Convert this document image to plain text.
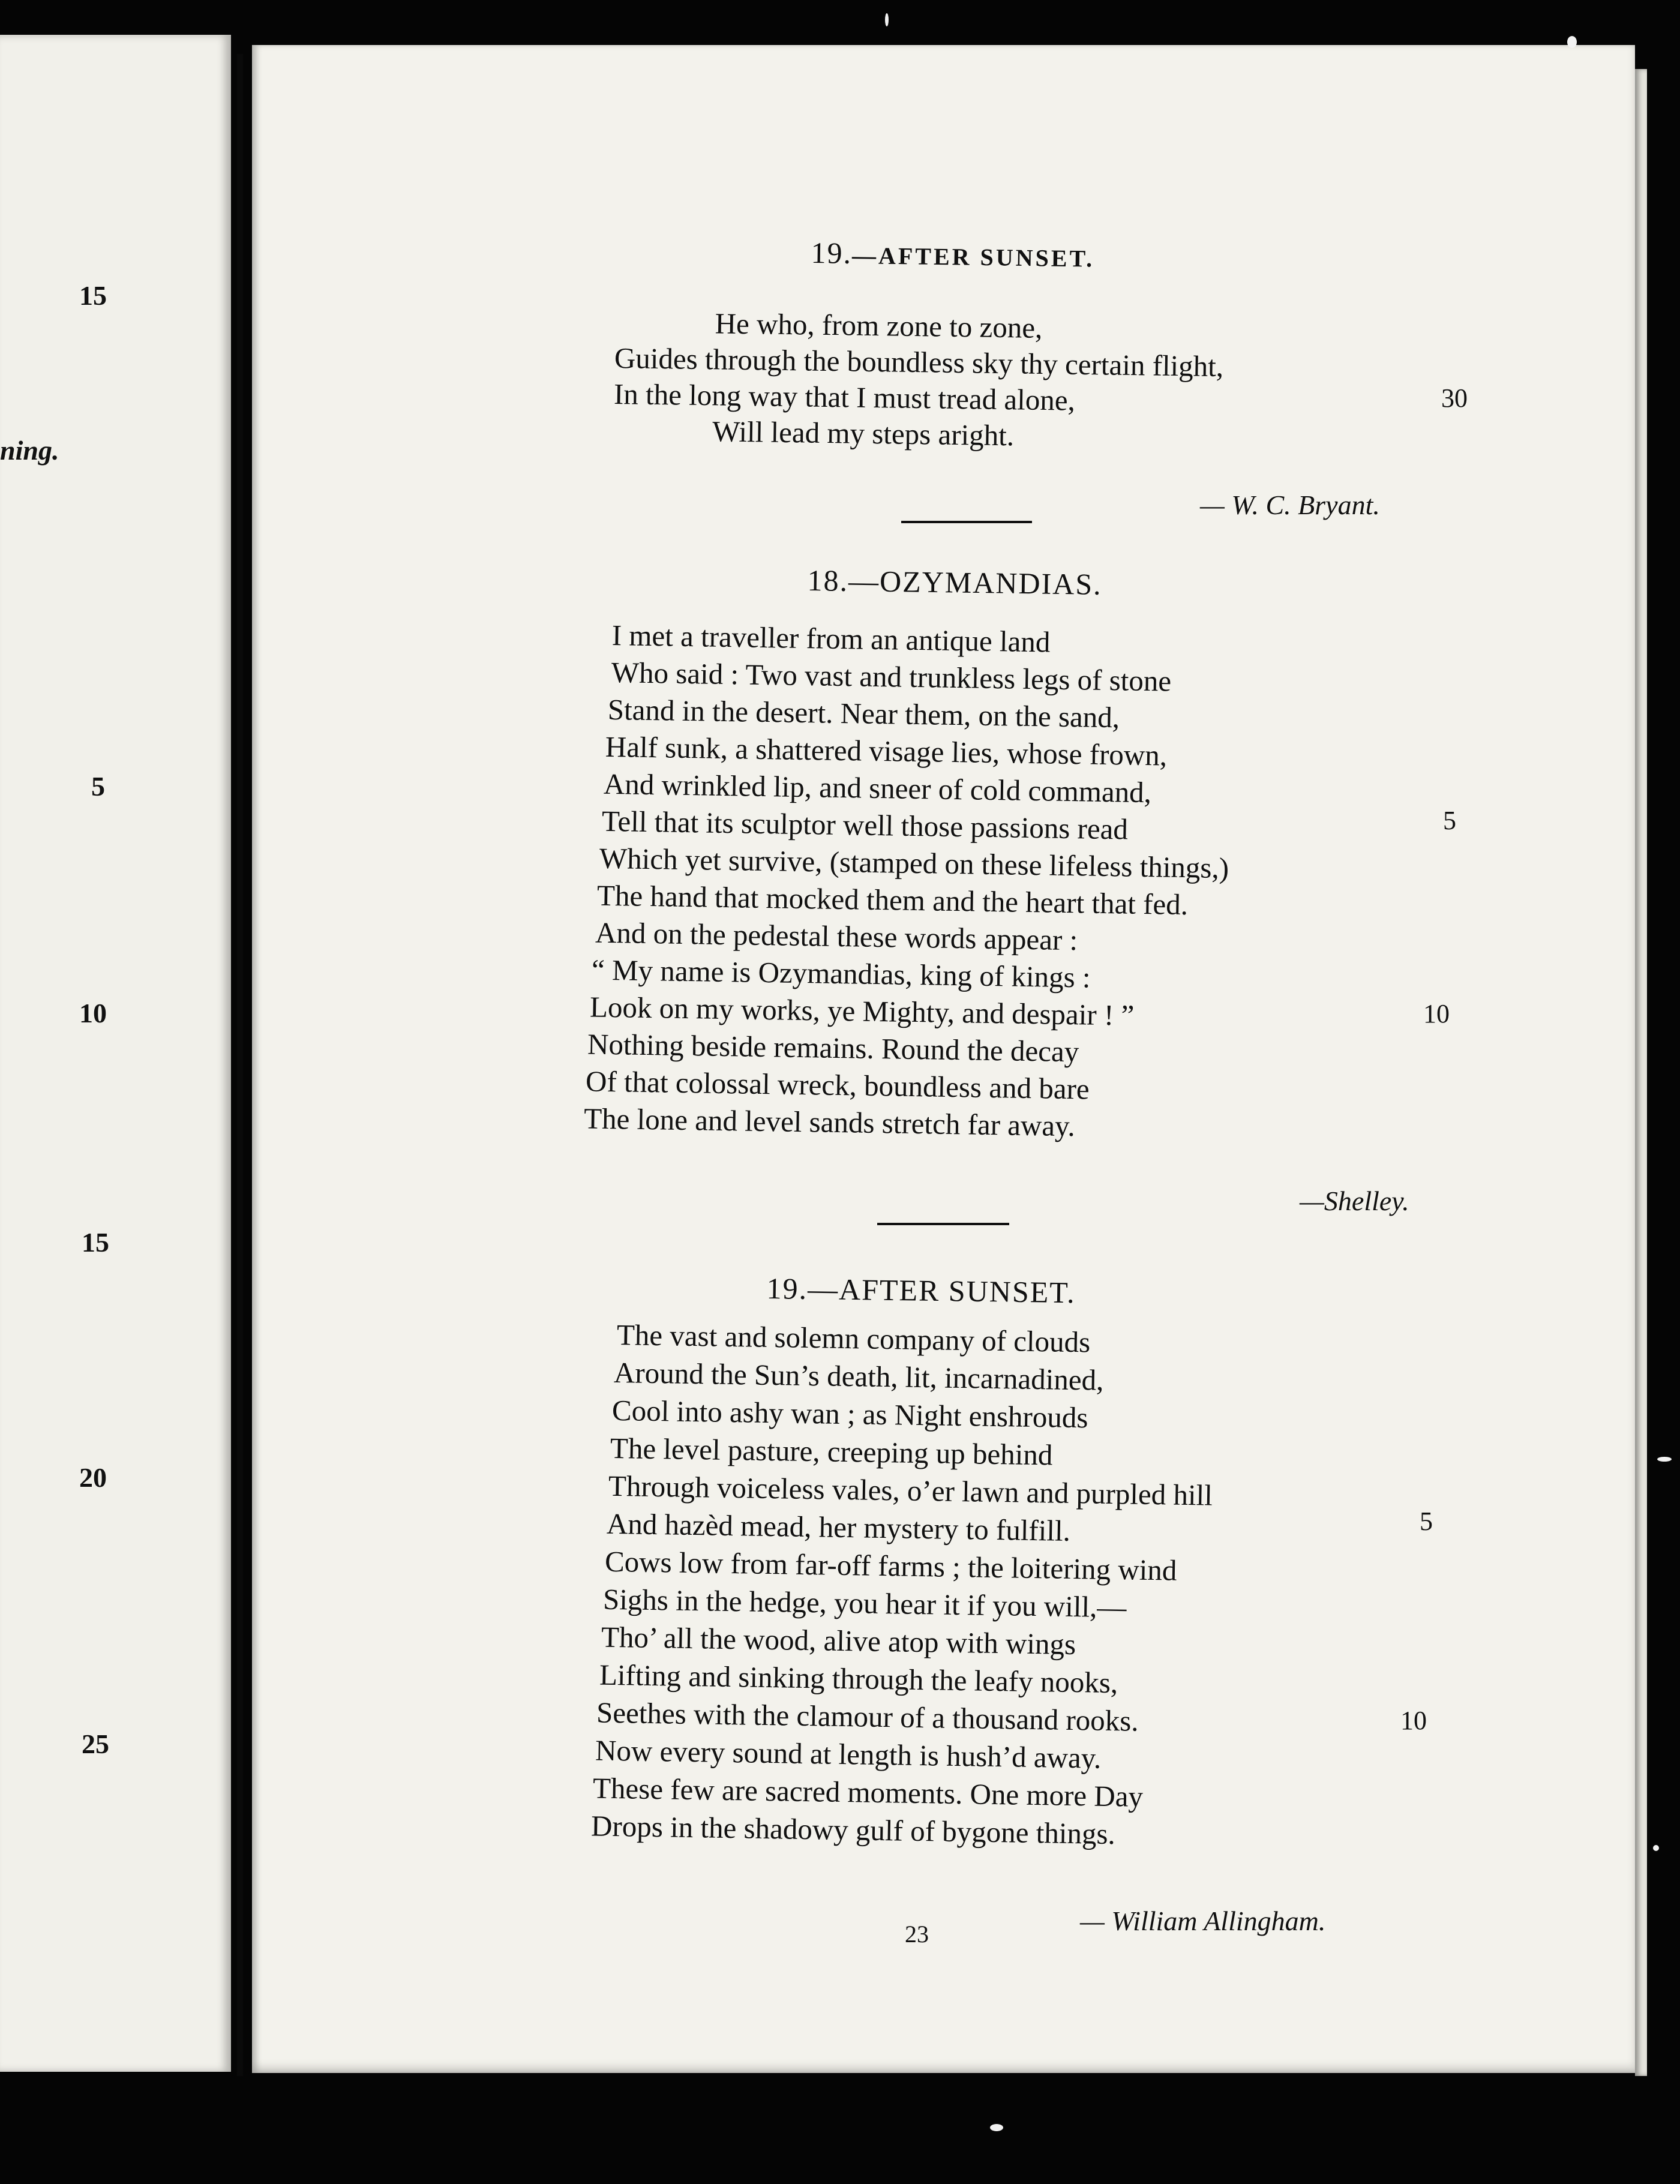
15
ning.
5
10
15
20
25
19.—AFTER SUNSET.
He who, from zone to zone,
Guides through the boundless sky thy certain flight,
In the long way that I must tread alone,
Will lead my steps aright.
30
— W. C. Bryant.
18.—OZYMANDIAS.
I met a traveller from an antique land
Who said : Two vast and trunkless legs of stone
Stand in the desert. Near them, on the sand,
Half sunk, a shattered visage lies, whose frown,
And wrinkled lip, and sneer of cold command,
Tell that its sculptor well those passions read
Which yet survive, (stamped on these lifeless things,)
The hand that mocked them and the heart that fed.
And on the pedestal these words appear :
“ My name is Ozymandias, king of kings :
Look on my works, ye Mighty, and despair ! ”
Nothing beside remains. Round the decay
Of that colossal wreck, boundless and bare
The lone and level sands stretch far away.
5
10
—Shelley.
19.—AFTER SUNSET.
The vast and solemn company of clouds
Around the Sun’s death, lit, incarnadined,
Cool into ashy wan ; as Night enshrouds
The level pasture, creeping up behind
Through voiceless vales, o’er lawn and purpled hill
And hazèd mead, her mystery to fulfill.
Cows low from far-off farms ; the loitering wind
Sighs in the hedge, you hear it if you will,—
Tho’ all the wood, alive atop with wings
Lifting and sinking through the leafy nooks,
Seethes with the clamour of a thousand rooks.
Now every sound at length is hush’d away.
These few are sacred moments. One more Day
Drops in the shadowy gulf of bygone things.
5
10
— William Allingham.
23
